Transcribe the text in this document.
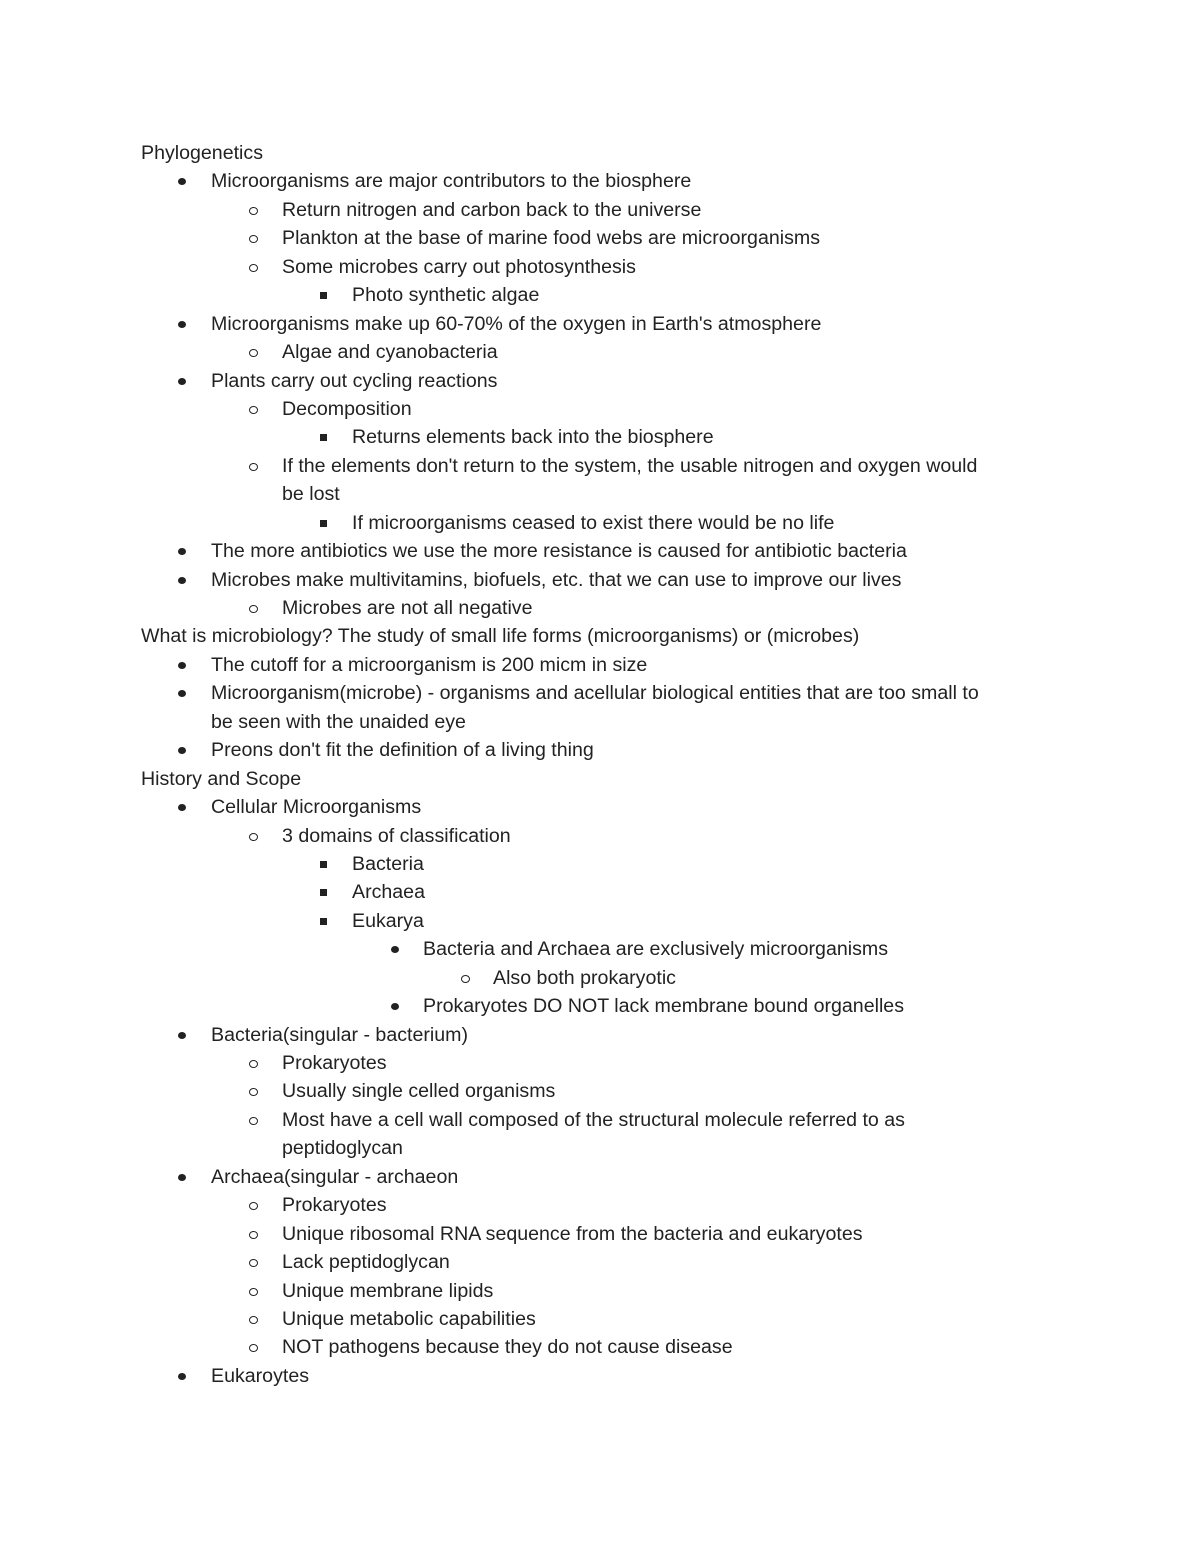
Phylogenetics
Microorganisms are major contributors to the biosphere
Return nitrogen and carbon back to the universe
Plankton at the base of marine food webs are microorganisms
Some microbes carry out photosynthesis
Photo synthetic algae
Microorganisms make up 60-70% of the oxygen in Earth's atmosphere
Algae and cyanobacteria
Plants carry out cycling reactions
Decomposition
Returns elements back into the biosphere
If the elements don't return to the system, the usable nitrogen and oxygen would
be lost
If microorganisms ceased to exist there would be no life
The more antibiotics we use the more resistance is caused for antibiotic bacteria
Microbes make multivitamins, biofuels, etc. that we can use to improve our lives
Microbes are not all negative
What is microbiology? The study of small life forms (microorganisms) or (microbes)
The cutoff for a microorganism is 200 micm in size
Microorganism(microbe) - organisms and acellular biological entities that are too small to
be seen with the unaided eye
Preons don't fit the definition of a living thing
History and Scope
Cellular Microorganisms
3 domains of classification
Bacteria
Archaea
Eukarya
Bacteria and Archaea are exclusively microorganisms
Also both prokaryotic
Prokaryotes DO NOT lack membrane bound organelles
Bacteria(singular - bacterium)
Prokaryotes
Usually single celled organisms
Most have a cell wall composed of the structural molecule referred to as
peptidoglycan
Archaea(singular - archaeon
Prokaryotes
Unique ribosomal RNA sequence from the bacteria and eukaryotes
Lack peptidoglycan
Unique membrane lipids
Unique metabolic capabilities
NOT pathogens because they do not cause disease
Eukaroytes
